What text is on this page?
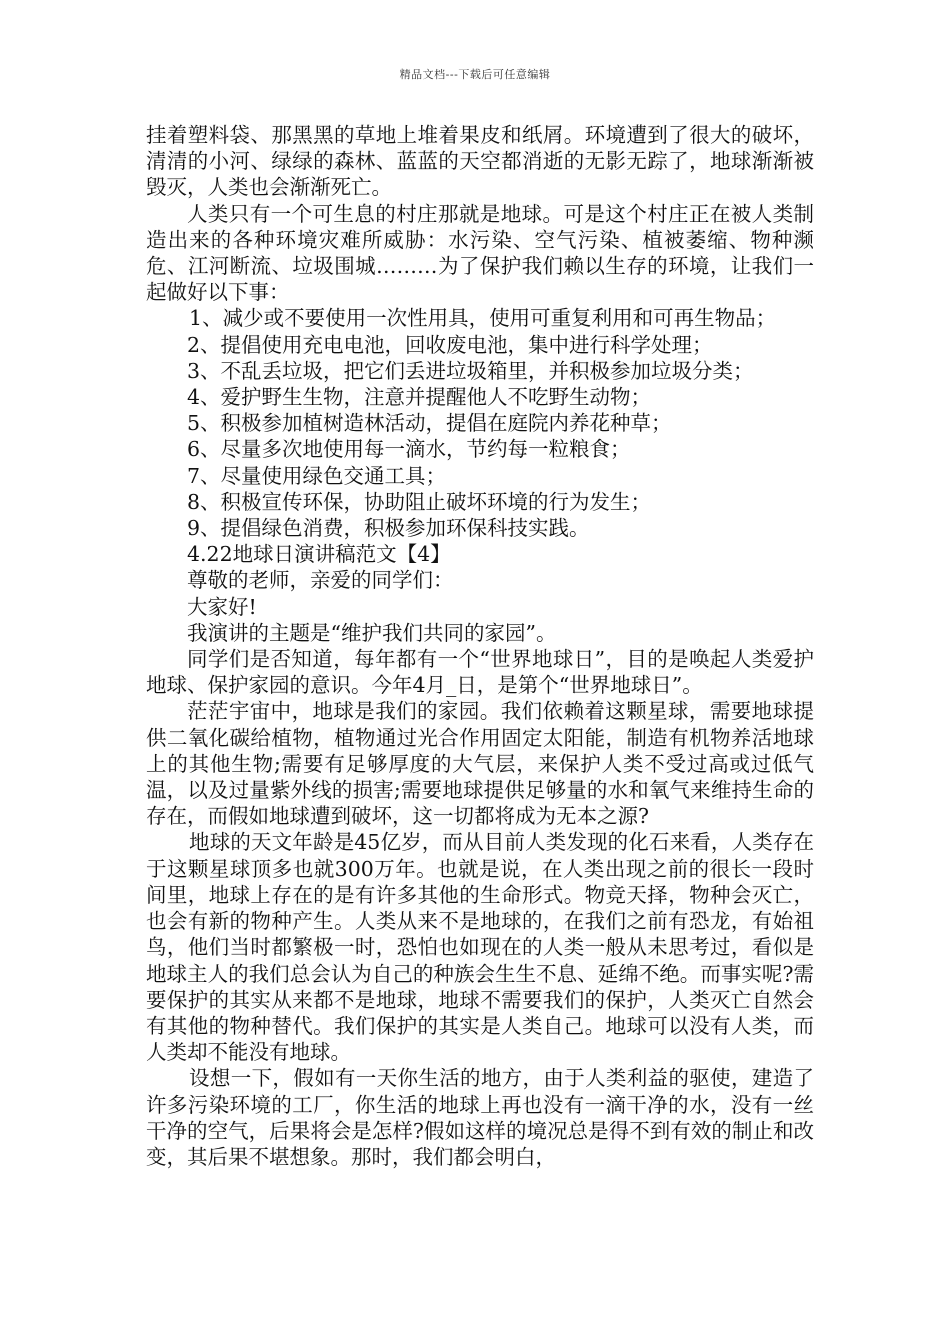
精品文档---下载后可任意编辑

挂着塑料袋、那黑黑的草地上堆着果皮和纸屑。环境遭到了很大的破坏，清清的小河、绿绿的森林、蓝蓝的天空都消逝的无影无踪了，地球渐渐被毁灭，人类也会渐渐死亡。

人类只有一个可生息的村庄那就是地球。可是这个村庄正在被人类制造出来的各种环境灾难所威胁：水污染、空气污染、植被萎缩、物种濒危、江河断流、垃圾围城………为了保护我们赖以生存的环境，让我们一起做好以下事：

1、减少或不要使用一次性用具，使用可重复利用和可再生物品；

2、提倡使用充电电池，回收废电池，集中进行科学处理；

3、不乱丢垃圾，把它们丢进垃圾箱里，并积极参加垃圾分类；

4、爱护野生生物，注意并提醒他人不吃野生动物；

5、积极参加植树造林活动，提倡在庭院内养花种草；

6、尽量多次地使用每一滴水，节约每一粒粮食；

7、尽量使用绿色交通工具；

8、积极宣传环保，协助阻止破坏环境的行为发生；

9、提倡绿色消费，积极参加环保科技实践。

4.22地球日演讲稿范文【4】

尊敬的老师，亲爱的同学们：

大家好!

我演讲的主题是“维护我们共同的家园”。

同学们是否知道，每年都有一个“世界地球日”，目的是唤起人类爱护地球、保护家园的意识。今年4月_日，是第个“世界地球日”。

茫茫宇宙中，地球是我们的家园。我们依赖着这颗星球，需要地球提供二氧化碳给植物，植物通过光合作用固定太阳能，制造有机物养活地球上的其他生物;需要有足够厚度的大气层，来保护人类不受过高或过低气温，以及过量紫外线的损害;需要地球提供足够量的水和氧气来维持生命的存在，而假如地球遭到破坏，这一切都将成为无本之源?

地球的天文年龄是45亿岁，而从目前人类发现的化石来看，人类存在于这颗星球顶多也就300万年。也就是说，在人类出现之前的很长一段时间里，地球上存在的是有许多其他的生命形式。物竞天择，物种会灭亡，也会有新的物种产生。人类从来不是地球的，在我们之前有恐龙，有始祖鸟，他们当时都繁极一时，恐怕也如现在的人类一般从未思考过，看似是地球主人的我们总会认为自己的种族会生生不息、延绵不绝。而事实呢?需要保护的其实从来都不是地球，地球不需要我们的保护，人类灭亡自然会有其他的物种替代。我们保护的其实是人类自己。地球可以没有人类，而人类却不能没有地球。

设想一下，假如有一天你生活的地方，由于人类利益的驱使，建造了许多污染环境的工厂，你生活的地球上再也没有一滴干净的水，没有一丝干净的空气，后果将会是怎样?假如这样的境况总是得不到有效的制止和改变，其后果不堪想象。那时，我们都会明白，
